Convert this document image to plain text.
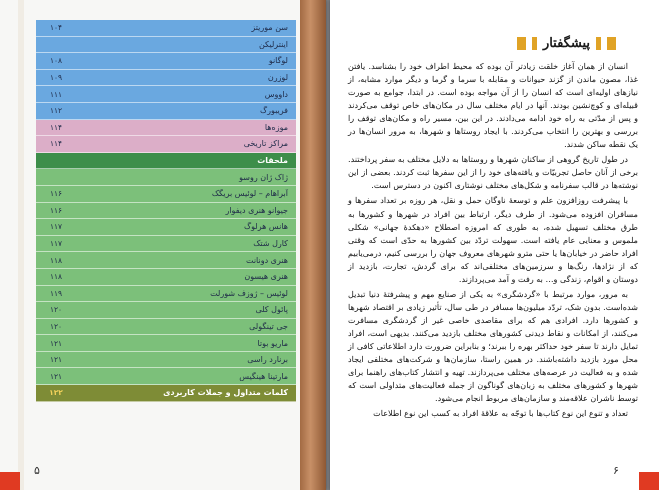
سن موریتز
۱۰۴
اینترلیکن
لوگانو
۱۰۸
لوزرن
۱۰۹
داووس
۱۱۱
فریبورگ
۱۱۲
موزه‌ها
۱۱۴
مراکز تاریخی
۱۱۴
ملحقات
ژاک ژان روسو
آبراهام – لوئیس بریگک
۱۱۶
جیوانو هنری دیفوار
۱۱۶
هانس هرلوگ
۱۱۷
کارل شتک
۱۱۷
هنری دونانت
۱۱۸
هنری هیسون
۱۱۸
لوئیس – ژوزف شورلت
۱۱۹
پائول کلی
۱۲۰
جی تینگولی
۱۲۰
ماریو بوتا
۱۲۱
برنارد راسی
۱۲۱
مارتینا هینگیس
۱۲۱
کلمات متداول و جملات کاربردی
۱۲۲
۵
پیشگفتار

انسان از همان آغاز خلقت زیادتر آن بوده که محیط اطراف خود را بشناسد. یافتن غذا، مصون ماندن از گزند حیوانات و مقابله با سرما و گرما و دیگر موارد مشابه، از نیازهای اولیه‌ای است که انسان را از آن مواجه بوده است. در ابتدا، جوامع به صورت قبیله‌ای و کوچ‌نشین بودند. آنها در ایام مختلف سال در مکان‌های خاص توقف می‌کردند و پس از مدّتی به راه خود ادامه می‌دادند. در این بین، مسیر راه و مکان‌های توقف را بررسی و بهترین را انتخاب می‌کردند. با ایجاد روستاها و شهرها، به مرور انسان‌ها در یک نقطه ساکن شدند.

در طول تاریخ گروهی از ساکنان شهرها و روستاها به دلایل مختلف به سفر پرداختند. برخی از آنان حاصل تجربیّات و یافته‌های خود را از این سفرها ثبت کردند. بعضی از این نوشته‌ها در قالب سفرنامه و شکل‌های مختلف نوشتاری اکنون در دسترس است.

با پیشرفت روزافزون علم و توسعهٔ ناوگان حمل و نقل، هر روزه بر تعداد سفرها و مسافران افزوده می‌شود. از طرف دیگر، ارتباط بین افراد در شهرها و کشورها به طرق مختلف تسهیل شده، به طوری که امروزه اصطلاح «دهکدهٔ جهانی» شکلی ملموس و معنایی عام یافته است. سهولت تردّد بین کشورها به حدّی است که وقتی افراد حاضر در خیابان‌ها یا حتی مترو شهرهای معروف جهان را بررسی کنیم، درمی‌یابیم که از نژادها، رنگ‌ها و سرزمین‌های مختلفی‌اند که برای گردش، تجارت، بازدید از دوستان و اقوام، زندگی و… به رفت و آمد می‌پردازند.

به مرور، موارد مرتبط با «گردشگری» به یکی از صنایع مهم و پیشرفتهٔ دنیا تبدیل شده‌است. بدون شک، تردّد میلیون‌ها مسافر در طی سال، تأثیر زیادی بر اقتصاد شهرها و کشورها دارد. افرادی هم که برای مقاصدی خاصی غیر از گردشگری مسافرت می‌کنند، از امکانات و نقاط دیدنی کشورهای مختلف بازدید می‌کنند. بدیهی است، افراد تمایل دارند تا سفر خود حداکثر بهره را ببرند؛ و بنابراین ضرورت دارد اطلاعاتی کافی از محل مورد بازدید داشته‌باشند. در همین راستا، سازمان‌ها و شرکت‌های مختلفی ایجاد شده و به فعالیت در عرصه‌های مختلف می‌پردازند. تهیه و انتشار کتاب‌های راهنما برای شهرها و کشورهای مختلف به زبان‌های گوناگون از جمله فعالیت‌های متداولی است که توسط ناشران علاقه‌مند و سازمان‌های مربوط انجام می‌شود.

تعداد و تنوع این نوع کتاب‌ها با توجّه به علاقهٔ افراد به کسب این نوع اطلاعات

۶
